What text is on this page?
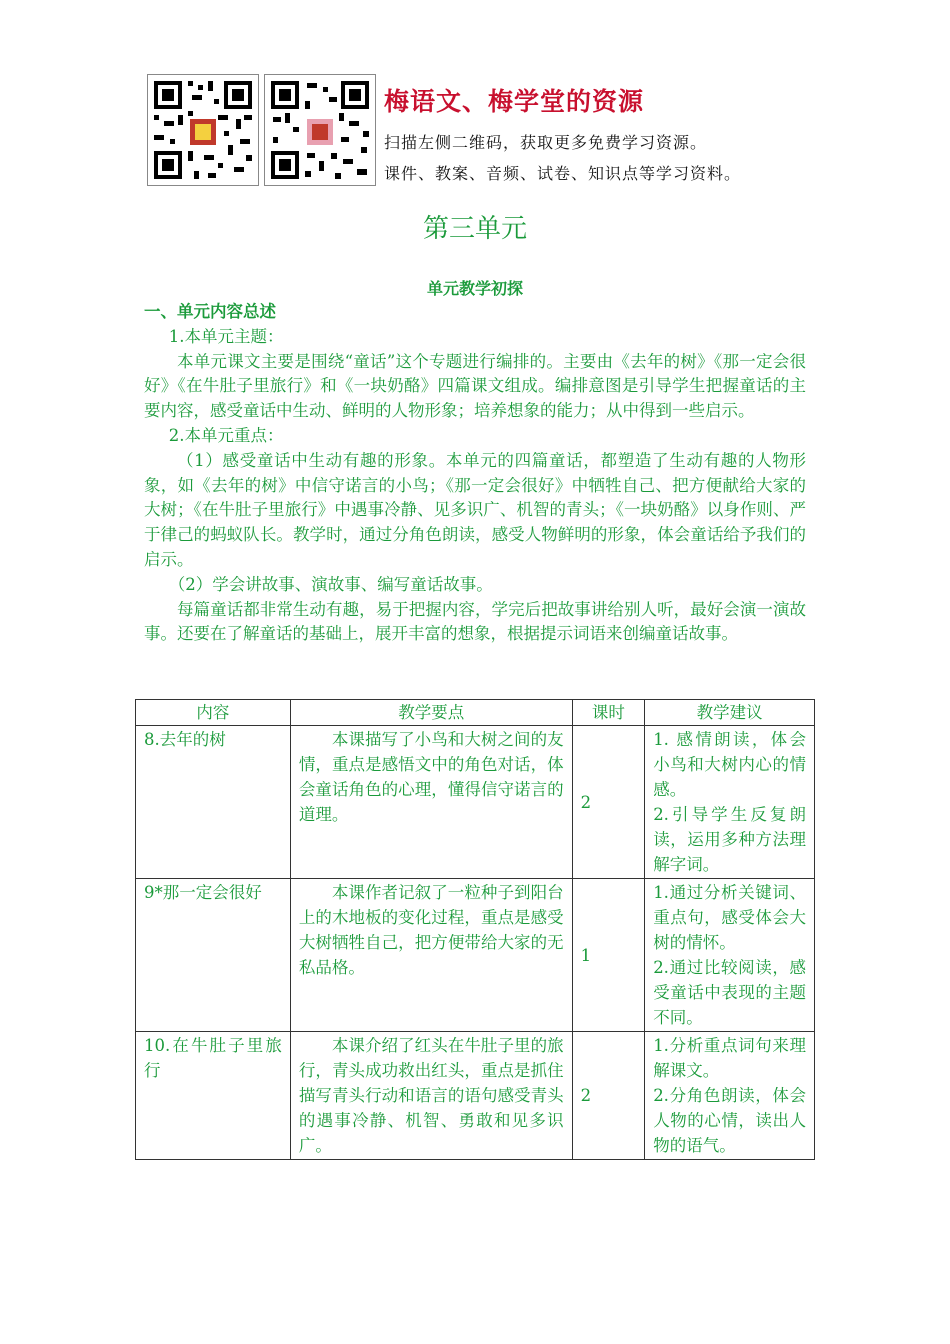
梅语文、梅学堂的资源
扫描左侧二维码，获取更多免费学习资源。
课件、教案、音频、试卷、知识点等学习资料。
第三单元
单元教学初探

一、单元内容总述

1.本单元主题：

本单元课文主要是围绕“童话”这个专题进行编排的。主要由《去年的树》《那一定会很好》《在牛肚子里旅行》和《一块奶酪》四篇课文组成。编排意图是引导学生把握童话的主要内容，感受童话中生动、鲜明的人物形象；培养想象的能力；从中得到一些启示。

2.本单元重点：

（1）感受童话中生动有趣的形象。本单元的四篇童话，都塑造了生动有趣的人物形象，如《去年的树》中信守诺言的小鸟；《那一定会很好》中牺牲自己、把方便献给大家的大树；《在牛肚子里旅行》中遇事冷静、见多识广、机智的青头；《一块奶酪》以身作则、严于律己的蚂蚁队长。教学时，通过分角色朗读，感受人物鲜明的形象，体会童话给予我们的启示。

（2）学会讲故事、演故事、编写童话故事。

每篇童话都非常生动有趣，易于把握内容，学完后把故事讲给别人听，最好会演一演故事。还要在了解童话的基础上，展开丰富的想象，根据提示词语来创编童话故事。

内容	教学要点	课时	教学建议
8.去年的树	本课描写了小鸟和大树之间的友情，重点是感悟文中的角色对话，体会童话角色的心理，懂得信守诺言的道理。	2	1. 感情朗读，体会小鸟和大树内心的情感。
2.引导学生反复朗读，运用多种方法理解字词。

9*那一定会很好	本课作者记叙了一粒种子到阳台上的木地板的变化过程，重点是感受大树牺牲自己，把方便带给大家的无私品格。	1	1.通过分析关键词、重点句，感受体会大树的情怀。
2.通过比较阅读，感受童话中表现的主题不同。

10.在牛肚子里旅行	本课介绍了红头在牛肚子里的旅行，青头成功救出红头，重点是抓住描写青头行动和语言的语句感受青头的遇事冷静、机智、勇敢和见多识广。	2	1.分析重点词句来理解课文。
2.分角色朗读，体会人物的心情，读出人物的语气。
